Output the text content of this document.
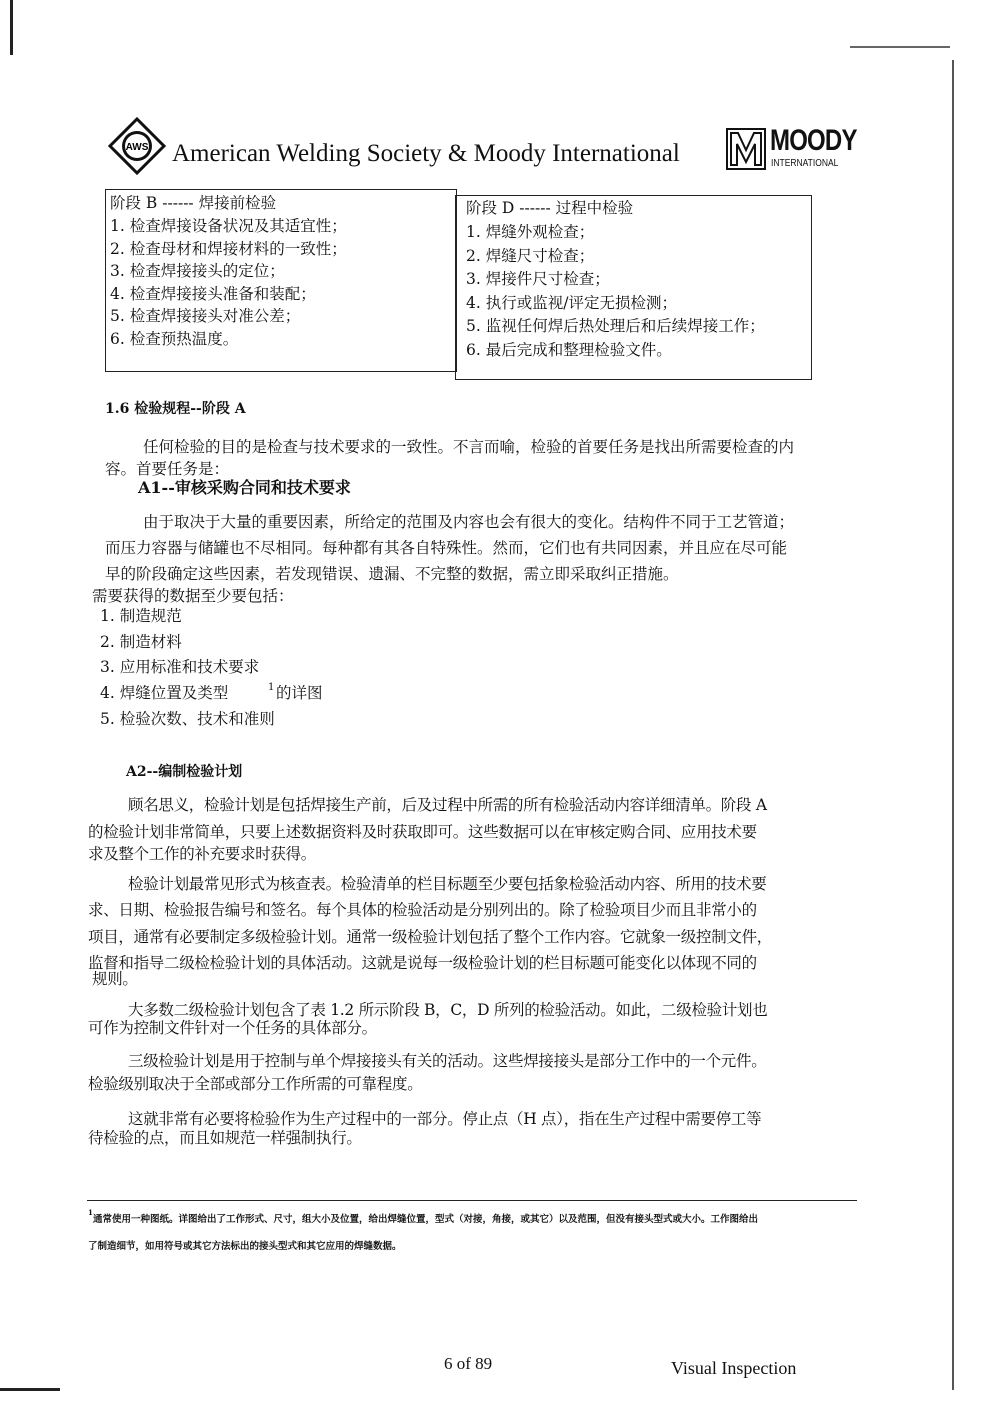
AWS American Welding Society & Moody International	MOODY
INTERNATIONAL
阶段 B ------ 焊接前检验
1. 检查焊接设备状况及其适宜性；
2. 检查母材和焊接材料的一致性；
3. 检查焊接接头的定位；
4. 检查焊接接头准备和装配；
5. 检查焊接接头对准公差；
6. 检查预热温度。
阶段 D ------ 过程中检验
1. 焊缝外观检查；
2. 焊缝尺寸检查；
3. 焊接件尺寸检查；
4. 执行或监视/评定无损检测；
5. 监视任何焊后热处理后和后续焊接工作；
6. 最后完成和整理检验文件。
1.6 检验规程--阶段 A
任何检验的目的是检查与技术要求的一致性。不言而喻，检验的首要任务是找出所需要检查的内
容。首要任务是：
A1--审核采购合同和技术要求
由于取决于大量的重要因素，所给定的范围及内容也会有很大的变化。结构件不同于工艺管道；
而压力容器与储罐也不尽相同。每种都有其各自特殊性。然而，它们也有共同因素，并且应在尽可能
早的阶段确定这些因素，若发现错误、遗漏、不完整的数据，需立即采取纠正措施。
需要获得的数据至少要包括：
1. 制造规范
2. 制造材料
3. 应用标准和技术要求
4. 焊缝位置及类型	1 的详图
5. 检验次数、技术和准则
A2--编制检验计划
顾名思义，检验计划是包括焊接生产前，后及过程中所需的所有检验活动内容详细清单。阶段 A
的检验计划非常简单，只要上述数据资料及时获取即可。这些数据可以在审核定购合同、应用技术要
求及整个工作的补充要求时获得。
检验计划最常见形式为核查表。检验清单的栏目标题至少要包括象检验活动内容、所用的技术要
求、日期、检验报告编号和签名。每个具体的检验活动是分别列出的。除了检验项目少而且非常小的
项目，通常有必要制定多级检验计划。通常一级检验计划包括了整个工作内容。它就象一级控制文件，
监督和指导二级检检验计划的具体活动。这就是说每一级检验计划的栏目标题可能变化以体现不同的
规则。
大多数二级检验计划包含了表 1.2 所示阶段 B，C，D 所列的检验活动。如此，二级检验计划也
可作为控制文件针对一个任务的具体部分。
三级检验计划是用于控制与单个焊接接头有关的活动。这些焊接接头是部分工作中的一个元件。
检验级别取决于全部或部分工作所需的可靠程度。
这就非常有必要将检验作为生产过程中的一部分。停止点（H 点），指在生产过程中需要停工等
待检验的点，而且如规范一样强制执行。
1
通常使用一种图纸。详图给出了工作形式、尺寸，组大小及位置，给出焊缝位置，型式（对接，角接，或其它）以及范围，但没有接头型式或大小。工作图给出
了制造细节，如用符号或其它方法标出的接头型式和其它应用的焊缝数据。
6 of 89	Visual Inspection
